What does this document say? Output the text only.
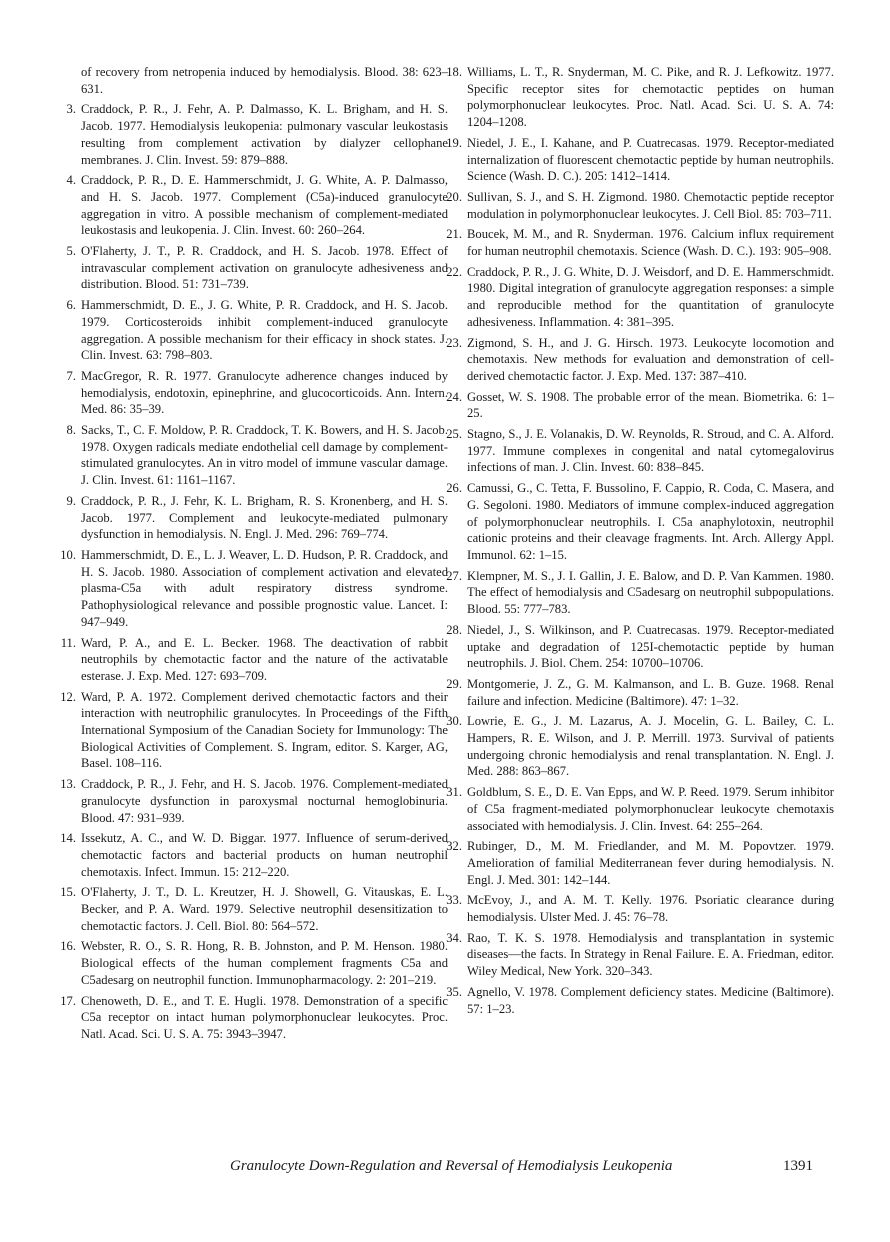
of recovery from netropenia induced by hemodialysis. Blood. 38: 623–631.
3. Craddock, P. R., J. Fehr, A. P. Dalmasso, K. L. Brigham, and H. S. Jacob. 1977. Hemodialysis leukopenia: pulmonary vascular leukostasis resulting from complement activation by dialyzer cellophane membranes. J. Clin. Invest. 59: 879–888.
4. Craddock, P. R., D. E. Hammerschmidt, J. G. White, A. P. Dalmasso, and H. S. Jacob. 1977. Complement (C5a)-induced granulocyte aggregation in vitro. A possible mechanism of complement-mediated leukostasis and leukopenia. J. Clin. Invest. 60: 260–264.
5. O'Flaherty, J. T., P. R. Craddock, and H. S. Jacob. 1978. Effect of intravascular complement activation on granulocyte adhesiveness and distribution. Blood. 51: 731–739.
6. Hammerschmidt, D. E., J. G. White, P. R. Craddock, and H. S. Jacob. 1979. Corticosteroids inhibit complement-induced granulocyte aggregation. A possible mechanism for their efficacy in shock states. J. Clin. Invest. 63: 798–803.
7. MacGregor, R. R. 1977. Granulocyte adherence changes induced by hemodialysis, endotoxin, epinephrine, and glucocorticoids. Ann. Intern. Med. 86: 35–39.
8. Sacks, T., C. F. Moldow, P. R. Craddock, T. K. Bowers, and H. S. Jacob. 1978. Oxygen radicals mediate endothelial cell damage by complement-stimulated granulocytes. An in vitro model of immune vascular damage. J. Clin. Invest. 61: 1161–1167.
9. Craddock, P. R., J. Fehr, K. L. Brigham, R. S. Kronenberg, and H. S. Jacob. 1977. Complement and leukocyte-mediated pulmonary dysfunction in hemodialysis. N. Engl. J. Med. 296: 769–774.
10. Hammerschmidt, D. E., L. J. Weaver, L. D. Hudson, P. R. Craddock, and H. S. Jacob. 1980. Association of complement activation and elevated plasma-C5a with adult respiratory distress syndrome. Pathophysiological relevance and possible prognostic value. Lancet. I: 947–949.
11. Ward, P. A., and E. L. Becker. 1968. The deactivation of rabbit neutrophils by chemotactic factor and the nature of the activatable esterase. J. Exp. Med. 127: 693–709.
12. Ward, P. A. 1972. Complement derived chemotactic factors and their interaction with neutrophilic granulocytes. In Proceedings of the Fifth International Symposium of the Canadian Society for Immunology: The Biological Activities of Complement. S. Ingram, editor. S. Karger, AG, Basel. 108–116.
13. Craddock, P. R., J. Fehr, and H. S. Jacob. 1976. Complement-mediated granulocyte dysfunction in paroxysmal nocturnal hemoglobinuria. Blood. 47: 931–939.
14. Issekutz, A. C., and W. D. Biggar. 1977. Influence of serum-derived chemotactic factors and bacterial products on human neutrophil chemotaxis. Infect. Immun. 15: 212–220.
15. O'Flaherty, J. T., D. L. Kreutzer, H. J. Showell, G. Vitauskas, E. L. Becker, and P. A. Ward. 1979. Selective neutrophil desensitization to chemotactic factors. J. Cell. Biol. 80: 564–572.
16. Webster, R. O., S. R. Hong, R. B. Johnston, and P. M. Henson. 1980. Biological effects of the human complement fragments C5a and C5adesarg on neutrophil function. Immunopharmacology. 2: 201–219.
17. Chenoweth, D. E., and T. E. Hugli. 1978. Demonstration of a specific C5a receptor on intact human polymorphonuclear leukocytes. Proc. Natl. Acad. Sci. U. S. A. 75: 3943–3947.
18. Williams, L. T., R. Snyderman, M. C. Pike, and R. J. Lefkowitz. 1977. Specific receptor sites for chemotactic peptides on human polymorphonuclear leukocytes. Proc. Natl. Acad. Sci. U. S. A. 74: 1204–1208.
19. Niedel, J. E., I. Kahane, and P. Cuatrecasas. 1979. Receptor-mediated internalization of fluorescent chemotactic peptide by human neutrophils. Science (Wash. D. C.). 205: 1412–1414.
20. Sullivan, S. J., and S. H. Zigmond. 1980. Chemotactic peptide receptor modulation in polymorphonuclear leukocytes. J. Cell Biol. 85: 703–711.
21. Boucek, M. M., and R. Snyderman. 1976. Calcium influx requirement for human neutrophil chemotaxis. Science (Wash. D. C.). 193: 905–908.
22. Craddock, P. R., J. G. White, D. J. Weisdorf, and D. E. Hammerschmidt. 1980. Digital integration of granulocyte aggregation responses: a simple and reproducible method for the quantitation of granulocyte adhesiveness. Inflammation. 4: 381–395.
23. Zigmond, S. H., and J. G. Hirsch. 1973. Leukocyte locomotion and chemotaxis. New methods for evaluation and demonstration of cell-derived chemotactic factor. J. Exp. Med. 137: 387–410.
24. Gosset, W. S. 1908. The probable error of the mean. Biometrika. 6: 1–25.
25. Stagno, S., J. E. Volanakis, D. W. Reynolds, R. Stroud, and C. A. Alford. 1977. Immune complexes in congenital and natal cytomegalovirus infections of man. J. Clin. Invest. 60: 838–845.
26. Camussi, G., C. Tetta, F. Bussolino, F. Cappio, R. Coda, C. Masera, and G. Segoloni. 1980. Mediators of immune complex-induced aggregation of polymorphonuclear neutrophils. I. C5a anaphylotoxin, neutrophil cationic proteins and their cleavage fragments. Int. Arch. Allergy Appl. Immunol. 62: 1–15.
27. Klempner, M. S., J. I. Gallin, J. E. Balow, and D. P. Van Kammen. 1980. The effect of hemodialysis and C5adesarg on neutrophil subpopulations. Blood. 55: 777–783.
28. Niedel, J., S. Wilkinson, and P. Cuatrecasas. 1979. Receptor-mediated uptake and degradation of 125I-chemotactic peptide by human neutrophils. J. Biol. Chem. 254: 10700–10706.
29. Montgomerie, J. Z., G. M. Kalmanson, and L. B. Guze. 1968. Renal failure and infection. Medicine (Baltimore). 47: 1–32.
30. Lowrie, E. G., J. M. Lazarus, A. J. Mocelin, G. L. Bailey, C. L. Hampers, R. E. Wilson, and J. P. Merrill. 1973. Survival of patients undergoing chronic hemodialysis and renal transplantation. N. Engl. J. Med. 288: 863–867.
31. Goldblum, S. E., D. E. Van Epps, and W. P. Reed. 1979. Serum inhibitor of C5a fragment-mediated polymorphonuclear leukocyte chemotaxis associated with hemodialysis. J. Clin. Invest. 64: 255–264.
32. Rubinger, D., M. M. Friedlander, and M. M. Popovtzer. 1979. Amelioration of familial Mediterranean fever during hemodialysis. N. Engl. J. Med. 301: 142–144.
33. McEvoy, J., and A. M. T. Kelly. 1976. Psoriatic clearance during hemodialysis. Ulster Med. J. 45: 76–78.
34. Rao, T. K. S. 1978. Hemodialysis and transplantation in systemic diseases—the facts. In Strategy in Renal Failure. E. A. Friedman, editor. Wiley Medical, New York. 320–343.
35. Agnello, V. 1978. Complement deficiency states. Medicine (Baltimore). 57: 1–23.
Granulocyte Down-Regulation and Reversal of Hemodialysis Leukopenia	1391
